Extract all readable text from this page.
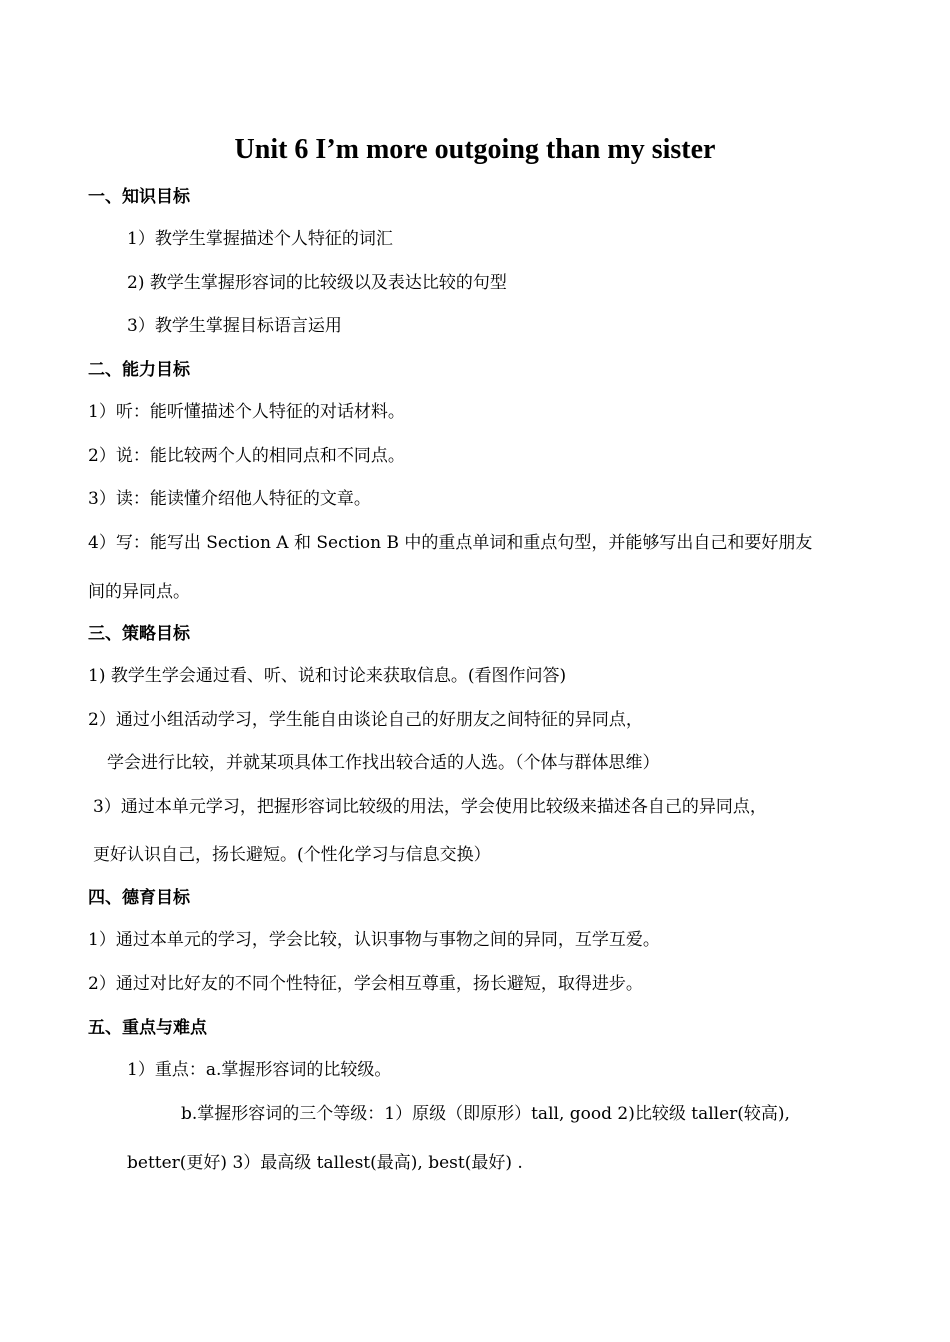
Unit 6 I’m more outgoing than my sister
一、知识目标
1）教学生掌握描述个人特征的词汇
2) 教学生掌握形容词的比较级以及表达比较的句型
3）教学生掌握目标语言运用
二、能力目标
1）听：能听懂描述个人特征的对话材料。
2）说：能比较两个人的相同点和不同点。
3）读：能读懂介绍他人特征的文章。
4）写：能写出 Section A 和 Section B 中的重点单词和重点句型，并能够写出自己和要好朋友
间的异同点。
三、策略目标
1) 教学生学会通过看、听、说和讨论来获取信息。(看图作问答)
2）通过小组活动学习，学生能自由谈论自己的好朋友之间特征的异同点，
学会进行比较，并就某项具体工作找出较合适的人选。（个体与群体思维）
3）通过本单元学习，把握形容词比较级的用法，学会使用比较级来描述各自己的异同点，
更好认识自己，扬长避短。(个性化学习与信息交换）
四、德育目标
1）通过本单元的学习，学会比较，认识事物与事物之间的异同，互学互爱。
2）通过对比好友的不同个性特征，学会相互尊重，扬长避短，取得进步。
五、重点与难点
1）重点：a.掌握形容词的比较级。
b.掌握形容词的三个等级：1）原级（即原形）tall, good 2)比较级 taller(较高),
better(更好) 3）最高级 tallest(最高), best(最好) .
